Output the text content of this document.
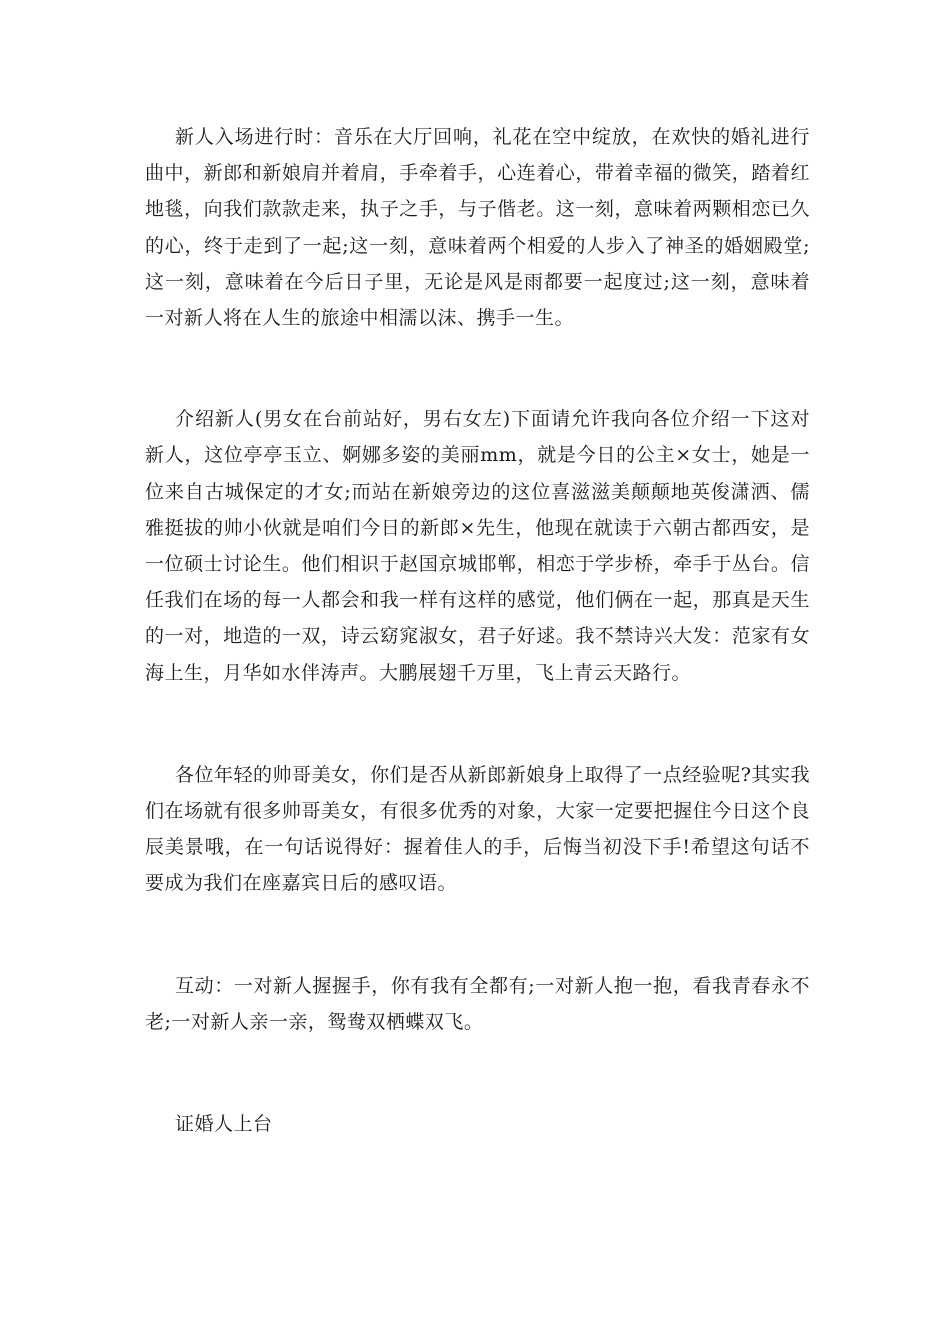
新人入场进行时：音乐在大厅回响，礼花在空中绽放，在欢快的婚礼进行曲中，新郎和新娘肩并着肩，手牵着手，心连着心，带着幸福的微笑，踏着红地毯，向我们款款走来，执子之手，与子偕老。这一刻，意味着两颗相恋已久的心，终于走到了一起;这一刻，意味着两个相爱的人步入了神圣的婚姻殿堂;这一刻，意味着在今后日子里，无论是风是雨都要一起度过;这一刻，意味着一对新人将在人生的旅途中相濡以沫、携手一生。

介绍新人(男女在台前站好，男右女左)下面请允许我向各位介绍一下这对新人，这位亭亭玉立、婀娜多姿的美丽mm，就是今日的公主×女士，她是一位来自古城保定的才女;而站在新娘旁边的这位喜滋滋美颠颠地英俊潇洒、儒雅挺拔的帅小伙就是咱们今日的新郎×先生，他现在就读于六朝古都西安，是一位硕士讨论生。他们相识于赵国京城邯郸，相恋于学步桥，牵手于丛台。信任我们在场的每一人都会和我一样有这样的感觉，他们俩在一起，那真是天生的一对，地造的一双，诗云窈窕淑女，君子好逑。我不禁诗兴大发：范家有女海上生，月华如水伴涛声。大鹏展翅千万里，飞上青云天路行。

各位年轻的帅哥美女，你们是否从新郎新娘身上取得了一点经验呢?其实我们在场就有很多帅哥美女，有很多优秀的对象，大家一定要把握住今日这个良辰美景哦，在一句话说得好：握着佳人的手，后悔当初没下手!希望这句话不要成为我们在座嘉宾日后的感叹语。

互动：一对新人握握手，你有我有全都有;一对新人抱一抱，看我青春永不老;一对新人亲一亲，鸳鸯双栖蝶双飞。

证婚人上台
